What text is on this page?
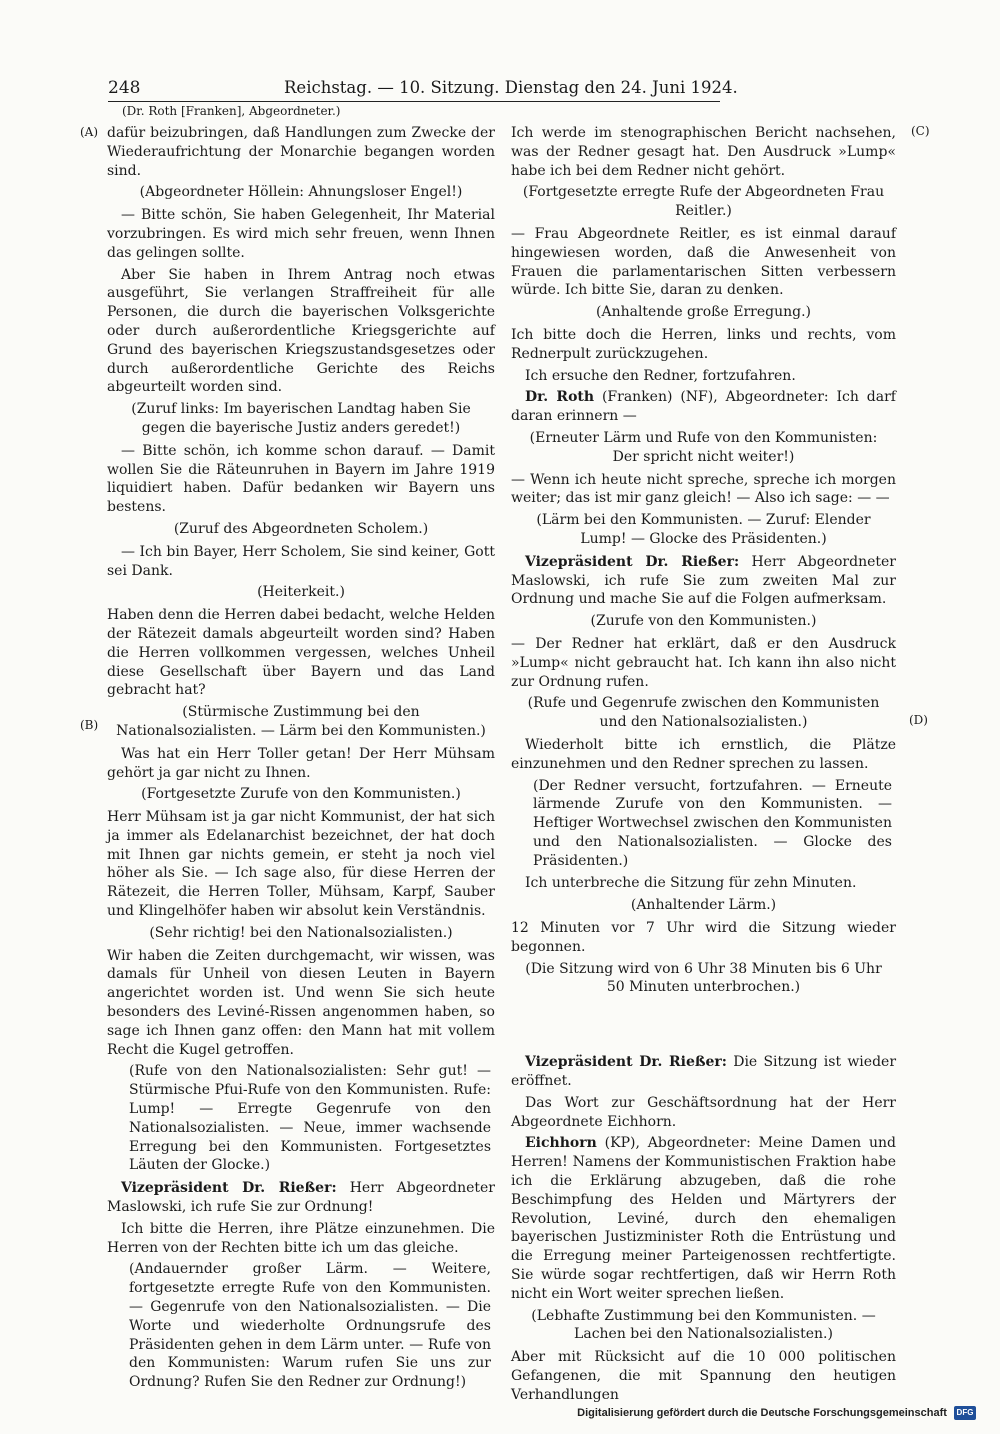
248	Reichstag. — 10. Sitzung. Dienstag den 24. Juni 1924.
(Dr. Roth [Franken], Abgeordneter.)
(A)
(B)
(C)
(D)

dafür beizubringen, daß Handlungen zum Zwecke der Wiederaufrichtung der Monarchie begangen worden sind.

(Abgeordneter Höllein: Ahnungsloser Engel!)

— Bitte schön, Sie haben Gelegenheit, Ihr Material vorzubringen. Es wird mich sehr freuen, wenn Ihnen das gelingen sollte.

Aber Sie haben in Ihrem Antrag noch etwas ausgeführt, Sie verlangen Straffreiheit für alle Personen, die durch die bayerischen Volksgerichte oder durch außerordentliche Kriegsgerichte auf Grund des bayerischen Kriegszustandsgesetzes oder durch außerordentliche Gerichte des Reichs abgeurteilt worden sind.

(Zuruf links: Im bayerischen Landtag haben Sie gegen die bayerische Justiz anders geredet!)

— Bitte schön, ich komme schon darauf. — Damit wollen Sie die Räteunruhen in Bayern im Jahre 1919 liquidiert haben. Dafür bedanken wir Bayern uns bestens.

(Zuruf des Abgeordneten Scholem.)

— Ich bin Bayer, Herr Scholem, Sie sind keiner, Gott sei Dank.

(Heiterkeit.)

Haben denn die Herren dabei bedacht, welche Helden der Rätezeit damals abgeurteilt worden sind? Haben die Herren vollkommen vergessen, welches Unheil diese Gesellschaft über Bayern und das Land gebracht hat?

(Stürmische Zustimmung bei den Nationalsozialisten. — Lärm bei den Kommunisten.)

Was hat ein Herr Toller getan! Der Herr Mühsam gehört ja gar nicht zu Ihnen.

(Fortgesetzte Zurufe von den Kommunisten.)

Herr Mühsam ist ja gar nicht Kommunist, der hat sich ja immer als Edelanarchist bezeichnet, der hat doch mit Ihnen gar nichts gemein, er steht ja noch viel höher als Sie. — Ich sage also, für diese Herren der Rätezeit, die Herren Toller, Mühsam, Karpf, Sauber und Klingelhöfer haben wir absolut kein Verständnis.

(Sehr richtig! bei den Nationalsozialisten.)

Wir haben die Zeiten durchgemacht, wir wissen, was damals für Unheil von diesen Leuten in Bayern angerichtet worden ist. Und wenn Sie sich heute besonders des Leviné-Rissen angenommen haben, so sage ich Ihnen ganz offen: den Mann hat mit vollem Recht die Kugel getroffen.

(Rufe von den Nationalsozialisten: Sehr gut! — Stürmische Pfui-Rufe von den Kommunisten. Rufe: Lump! — Erregte Gegenrufe von den Nationalsozialisten. — Neue, immer wachsende Erregung bei den Kommunisten. Fortgesetztes Läuten der Glocke.)

Vizepräsident Dr. Rießer: Herr Abgeordneter Maslowski, ich rufe Sie zur Ordnung!

Ich bitte die Herren, ihre Plätze einzunehmen. Die Herren von der Rechten bitte ich um das gleiche.

(Andauernder großer Lärm. — Weitere, fortgesetzte erregte Rufe von den Kommunisten. — Gegenrufe von den Nationalsozialisten. — Die Worte und wiederholte Ordnungsrufe des Präsidenten gehen in dem Lärm unter. — Rufe von den Kommunisten: Warum rufen Sie uns zur Ordnung? Rufen Sie den Redner zur Ordnung!)

Ich werde im stenographischen Bericht nachsehen, was der Redner gesagt hat. Den Ausdruck »Lump« habe ich bei dem Redner nicht gehört.

(Fortgesetzte erregte Rufe der Abgeordneten Frau Reitler.)

— Frau Abgeordnete Reitler, es ist einmal darauf hingewiesen worden, daß die Anwesenheit von Frauen die parlamentarischen Sitten verbessern würde. Ich bitte Sie, daran zu denken.

(Anhaltende große Erregung.)

Ich bitte doch die Herren, links und rechts, vom Rednerpult zurückzugehen.

Ich ersuche den Redner, fortzufahren.

Dr. Roth (Franken) (NF), Abgeordneter: Ich darf daran erinnern —

(Erneuter Lärm und Rufe von den Kommunisten: Der spricht nicht weiter!)

— Wenn ich heute nicht spreche, spreche ich morgen weiter; das ist mir ganz gleich! — Also ich sage: — —

(Lärm bei den Kommunisten. — Zuruf: Elender Lump! — Glocke des Präsidenten.)

Vizepräsident Dr. Rießer: Herr Abgeordneter Maslowski, ich rufe Sie zum zweiten Mal zur Ordnung und mache Sie auf die Folgen aufmerksam.

(Zurufe von den Kommunisten.)

— Der Redner hat erklärt, daß er den Ausdruck »Lump« nicht gebraucht hat. Ich kann ihn also nicht zur Ordnung rufen.

(Rufe und Gegenrufe zwischen den Kommunisten und den Nationalsozialisten.)

Wiederholt bitte ich ernstlich, die Plätze einzunehmen und den Redner sprechen zu lassen.

(Der Redner versucht, fortzufahren. — Erneute lärmende Zurufe von den Kommunisten. — Heftiger Wortwechsel zwischen den Kommunisten und den Nationalsozialisten. — Glocke des Präsidenten.)

Ich unterbreche die Sitzung für zehn Minuten.

(Anhaltender Lärm.)

12 Minuten vor 7 Uhr wird die Sitzung wieder begonnen.

(Die Sitzung wird von 6 Uhr 38 Minuten bis 6 Uhr 50 Minuten unterbrochen.)

Vizepräsident Dr. Rießer: Die Sitzung ist wieder eröffnet.

Das Wort zur Geschäftsordnung hat der Herr Abgeordnete Eichhorn.

Eichhorn (KP), Abgeordneter: Meine Damen und Herren! Namens der Kommunistischen Fraktion habe ich die Erklärung abzugeben, daß die rohe Beschimpfung des Helden und Märtyrers der Revolution, Leviné, durch den ehemaligen bayerischen Justizminister Roth die Entrüstung und die Erregung meiner Parteigenossen rechtfertigte. Sie würde sogar rechtfertigen, daß wir Herrn Roth nicht ein Wort weiter sprechen ließen.

(Lebhafte Zustimmung bei den Kommunisten. — Lachen bei den Nationalsozialisten.)

Aber mit Rücksicht auf die 10 000 politischen Gefangenen, die mit Spannung den heutigen Verhandlungen

Digitalisierung gefördert durch die Deutsche Forschungsgemeinschaft DFG
